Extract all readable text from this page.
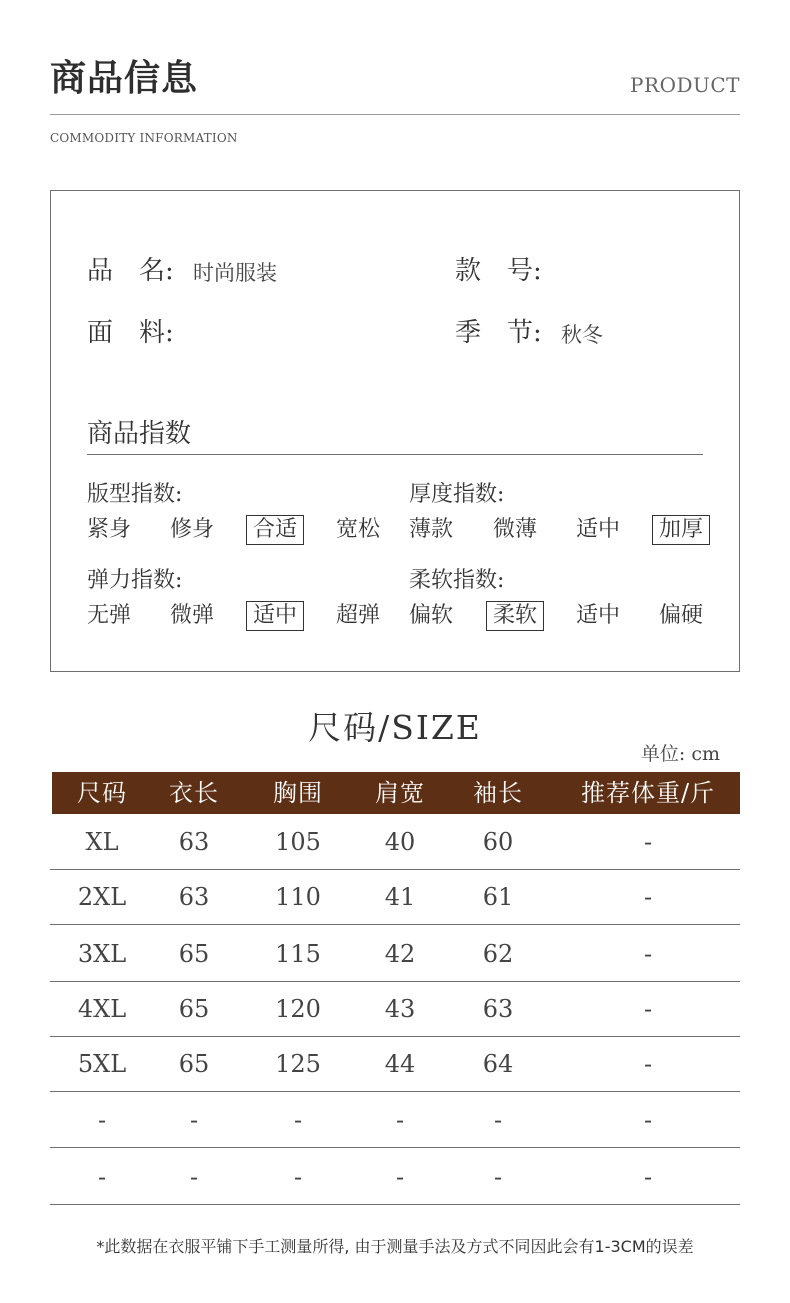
商品信息	PRODUCT
COMMODITY INFORMATION
品　名: 时尚服装	款　号:
面　料:	季　节: 秋冬
商品指数
版型指数:
紧身 修身 合适 宽松
厚度指数:
薄款 微薄 适中 加厚
弹力指数:
无弹 微弹 适中 超弹
柔软指数:
偏软 柔软 适中 偏硬
尺码/SIZE
单位: cm
尺码	衣长	胸围	肩宽	袖长	推荐体重/斤
XL	63	105	40	60	-
2XL	63	110	41	61	-
3XL	65	115	42	62	-
4XL	65	120	43	63	-
5XL	65	125	44	64	-
-	-	-	-	-	-
-	-	-	-	-	-
*此数据在衣服平铺下手工测量所得, 由于测量手法及方式不同因此会有1-3CM的误差
